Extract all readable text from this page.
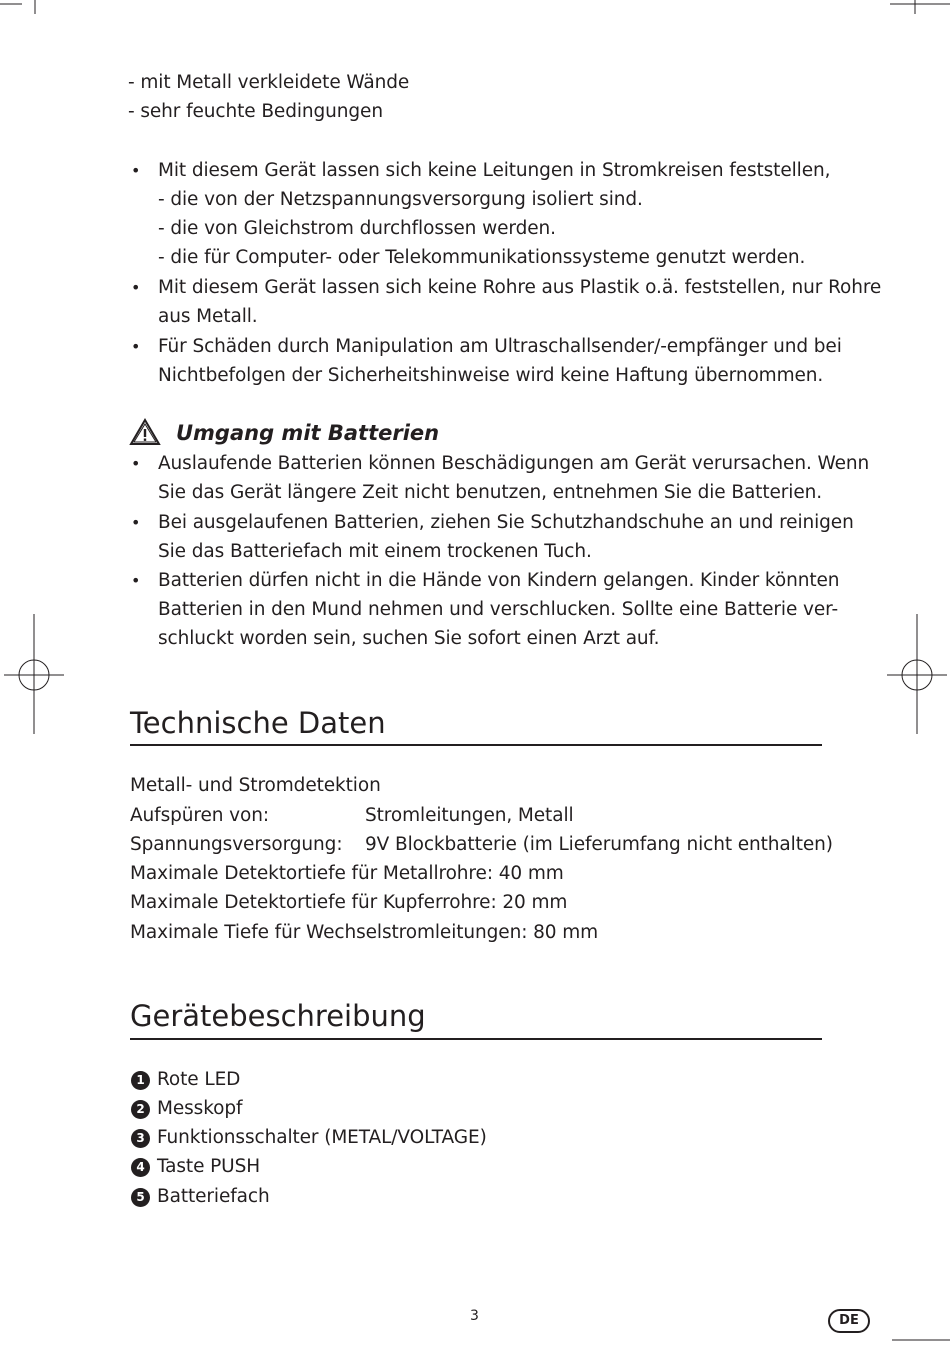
- mit Metall verkleidete Wände
- sehr feuchte Bedingungen
• Mit diesem Gerät lassen sich keine Leitungen in Stromkreisen feststellen,
- die von der Netzspannungsversorgung isoliert sind.
- die von Gleichstrom durchflossen werden.
- die für Computer- oder Telekommunikationssysteme genutzt werden.
• Mit diesem Gerät lassen sich keine Rohre aus Plastik o.ä. feststellen, nur Rohre
aus Metall.
• Für Schäden durch Manipulation am Ultraschallsender/-empfänger und bei
Nichtbefolgen der Sicherheitshinweise wird keine Haftung übernommen.
Umgang mit Batterien
• Auslaufende Batterien können Beschädigungen am Gerät verursachen. Wenn
Sie das Gerät längere Zeit nicht benutzen, entnehmen Sie die Batterien.
• Bei ausgelaufenen Batterien, ziehen Sie Schutzhandschuhe an und reinigen
Sie das Batteriefach mit einem trockenen Tuch.
• Batterien dürfen nicht in die Hände von Kindern gelangen. Kinder könnten
Batterien in den Mund nehmen und verschlucken. Sollte eine Batterie ver-
schluckt worden sein, suchen Sie sofort einen Arzt auf.
Technische Daten
Metall- und Stromdetektion
Aufspüren von:	Stromleitungen, Metall
Spannungsversorgung: 9V Blockbatterie (im Lieferumfang nicht enthalten)
Maximale Detektortiefe für Metallrohre: 40 mm
Maximale Detektortiefe für Kupferrohre: 20 mm
Maximale Tiefe für Wechselstromleitungen: 80 mm
Gerätebeschreibung
1 Rote LED
2 Messkopf
3 Funktionsschalter (METAL/VOLTAGE)
4 Taste PUSH
5 Batteriefach
3	DE
